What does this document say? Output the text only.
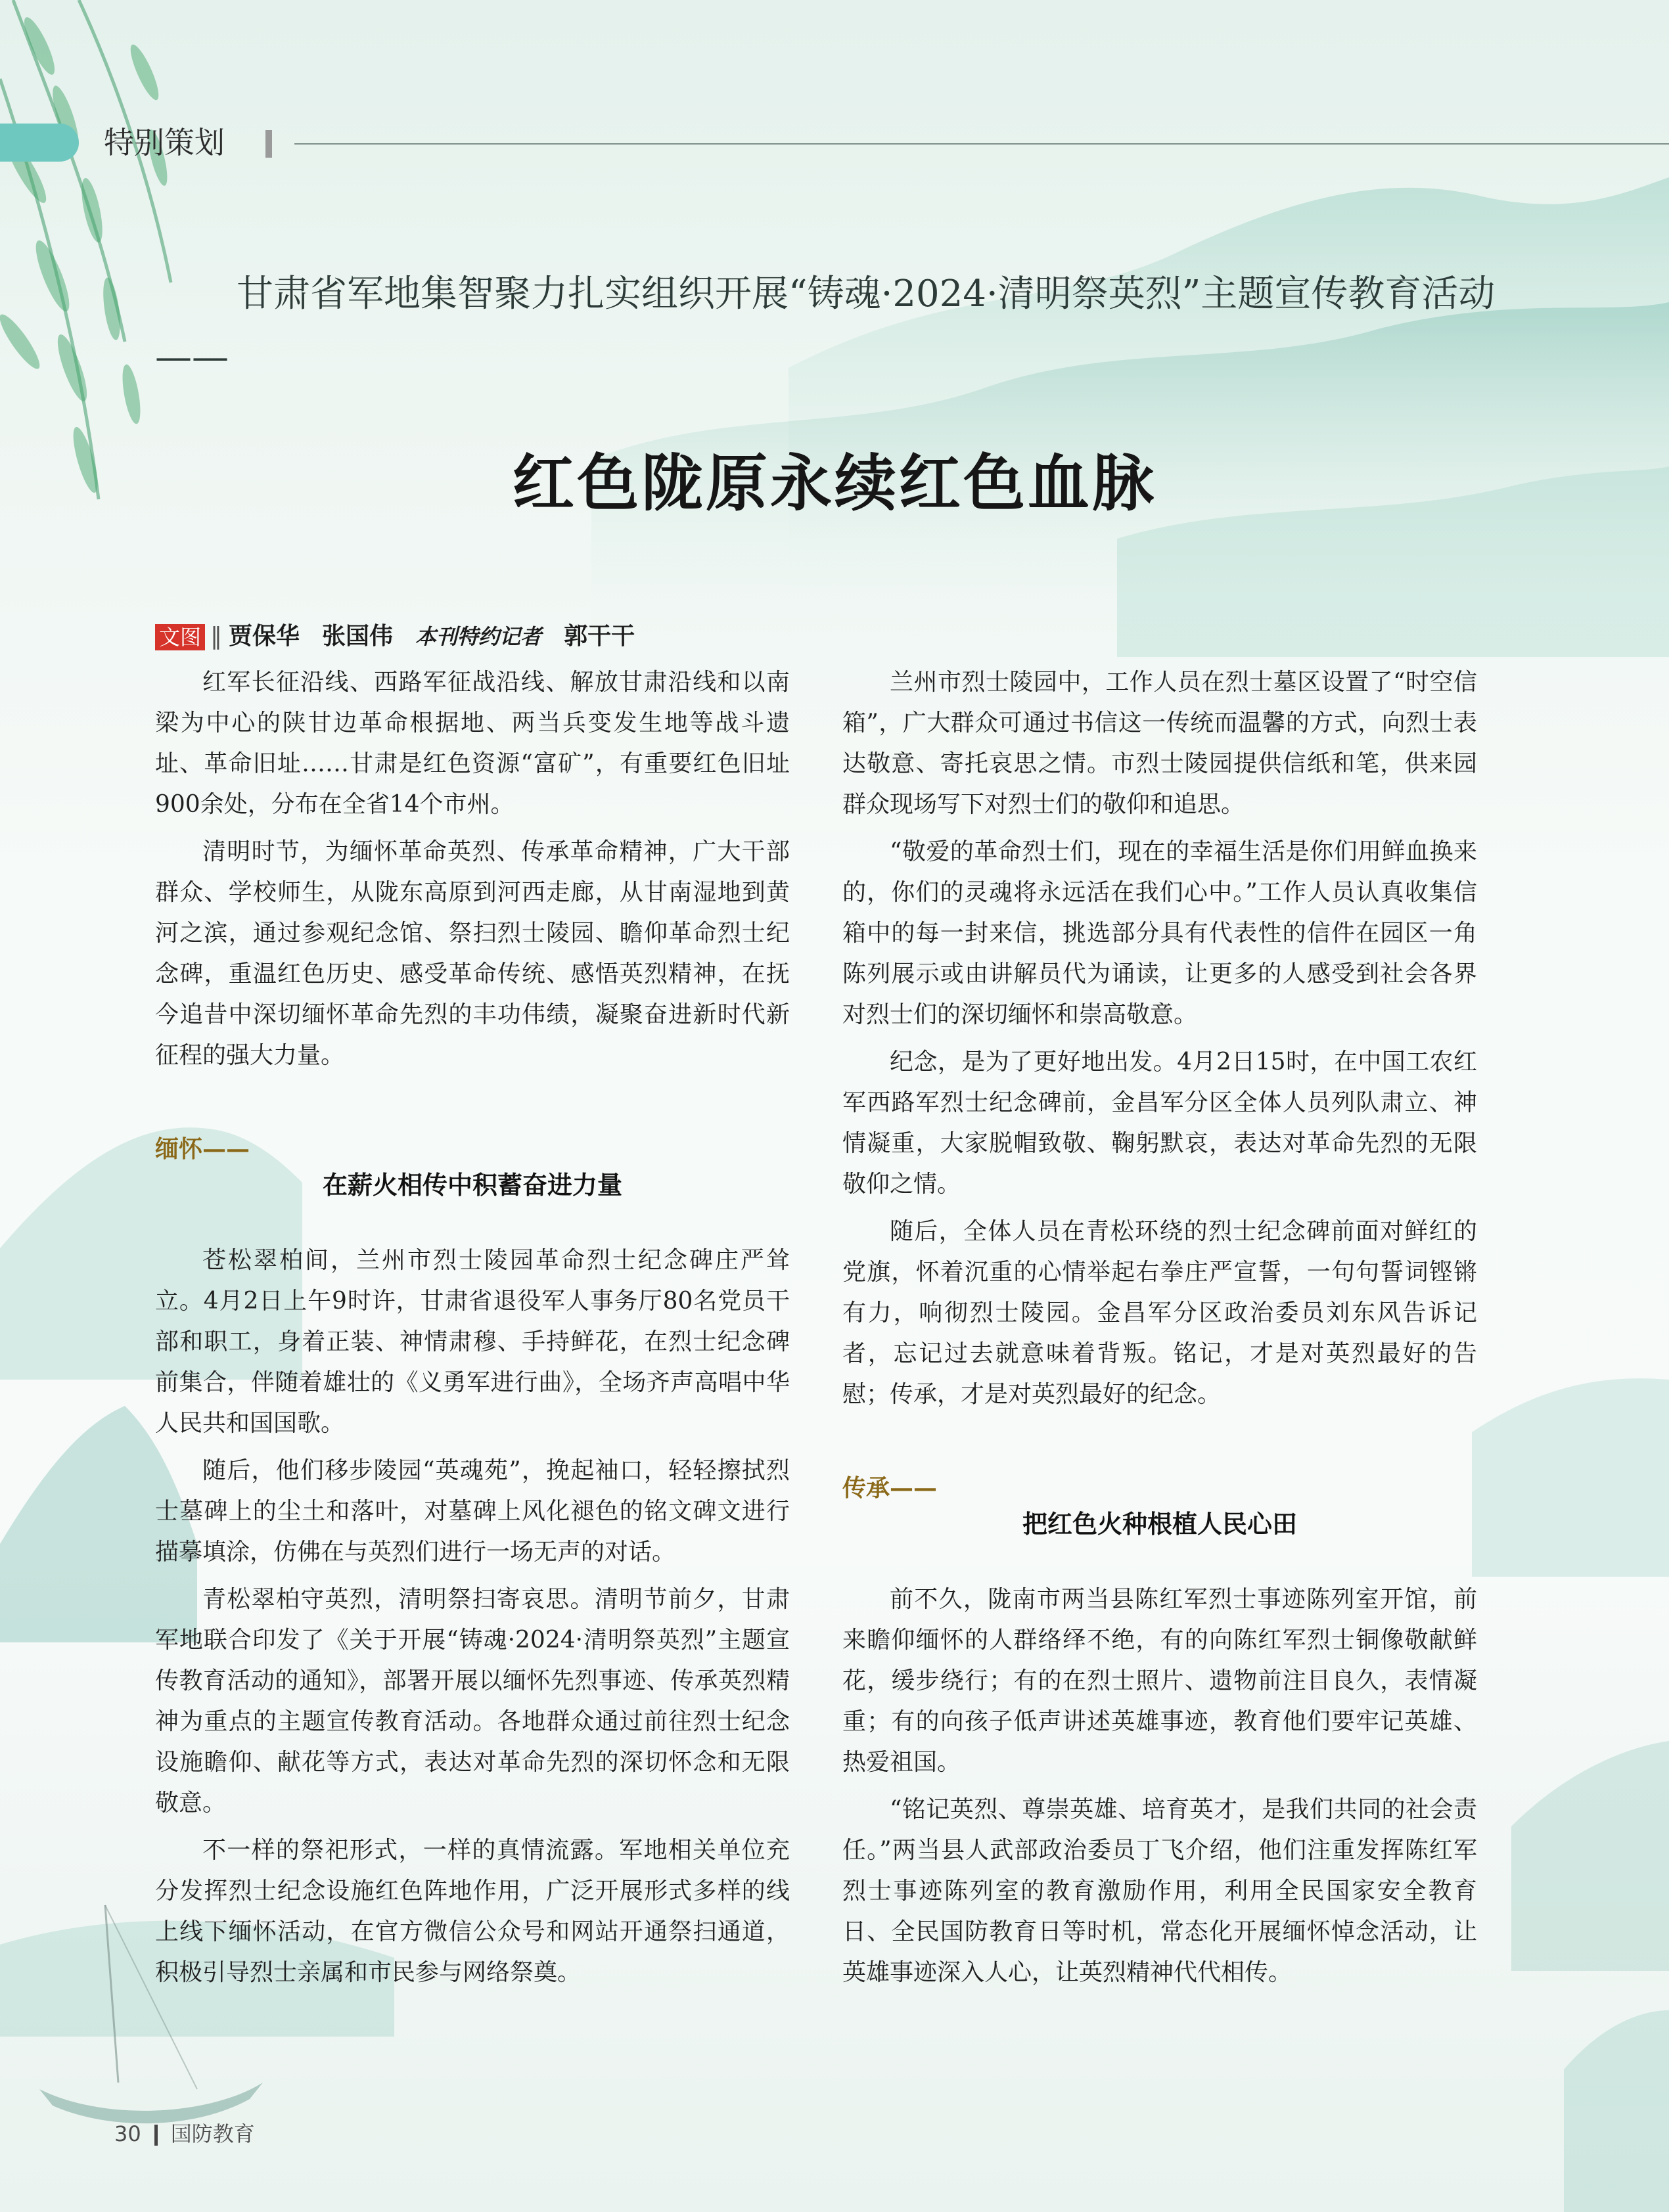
特别策划
甘肃省军地集智聚力扎实组织开展“铸魂·2024·清明祭英烈”主题宣传教育活动——
红色陇原永续红色血脉
文图 ‖ 贾保华 张国伟 本刊特约记者 郭干干

红军长征沿线、西路军征战沿线、解放甘肃沿线和以南梁为中心的陕甘边革命根据地、两当兵变发生地等战斗遗址、革命旧址……甘肃是红色资源“富矿”，有重要红色旧址900余处，分布在全省14个市州。

清明时节，为缅怀革命英烈、传承革命精神，广大干部群众、学校师生，从陇东高原到河西走廊，从甘南湿地到黄河之滨，通过参观纪念馆、祭扫烈士陵园、瞻仰革命烈士纪念碑，重温红色历史、感受革命传统、感悟英烈精神，在抚今追昔中深切缅怀革命先烈的丰功伟绩，凝聚奋进新时代新征程的强大力量。

缅怀——
在薪火相传中积蓄奋进力量

苍松翠柏间，兰州市烈士陵园革命烈士纪念碑庄严耸立。4月2日上午9时许，甘肃省退役军人事务厅80名党员干部和职工，身着正装、神情肃穆、手持鲜花，在烈士纪念碑前集合，伴随着雄壮的《义勇军进行曲》，全场齐声高唱中华人民共和国国歌。

随后，他们移步陵园“英魂苑”，挽起袖口，轻轻擦拭烈士墓碑上的尘土和落叶，对墓碑上风化褪色的铭文碑文进行描摹填涂，仿佛在与英烈们进行一场无声的对话。

青松翠柏守英烈，清明祭扫寄哀思。清明节前夕，甘肃军地联合印发了《关于开展“铸魂·2024·清明祭英烈”主题宣传教育活动的通知》，部署开展以缅怀先烈事迹、传承英烈精神为重点的主题宣传教育活动。各地群众通过前往烈士纪念设施瞻仰、献花等方式，表达对革命先烈的深切怀念和无限敬意。

不一样的祭祀形式，一样的真情流露。军地相关单位充分发挥烈士纪念设施红色阵地作用，广泛开展形式多样的线上线下缅怀活动，在官方微信公众号和网站开通祭扫通道，积极引导烈士亲属和市民参与网络祭奠。

兰州市烈士陵园中，工作人员在烈士墓区设置了“时空信箱”，广大群众可通过书信这一传统而温馨的方式，向烈士表达敬意、寄托哀思之情。市烈士陵园提供信纸和笔，供来园群众现场写下对烈士们的敬仰和追思。

“敬爱的革命烈士们，现在的幸福生活是你们用鲜血换来的，你们的灵魂将永远活在我们心中。”工作人员认真收集信箱中的每一封来信，挑选部分具有代表性的信件在园区一角陈列展示或由讲解员代为诵读，让更多的人感受到社会各界对烈士们的深切缅怀和崇高敬意。

纪念，是为了更好地出发。4月2日15时，在中国工农红军西路军烈士纪念碑前，金昌军分区全体人员列队肃立、神情凝重，大家脱帽致敬、鞠躬默哀，表达对革命先烈的无限敬仰之情。

随后，全体人员在青松环绕的烈士纪念碑前面对鲜红的党旗，怀着沉重的心情举起右拳庄严宣誓，一句句誓词铿锵有力，响彻烈士陵园。金昌军分区政治委员刘东风告诉记者，忘记过去就意味着背叛。铭记，才是对英烈最好的告慰；传承，才是对英烈最好的纪念。

传承——
把红色火种根植人民心田

前不久，陇南市两当县陈红军烈士事迹陈列室开馆，前来瞻仰缅怀的人群络绎不绝，有的向陈红军烈士铜像敬献鲜花，缓步绕行；有的在烈士照片、遗物前注目良久，表情凝重；有的向孩子低声讲述英雄事迹，教育他们要牢记英雄、热爱祖国。

“铭记英烈、尊崇英雄、培育英才，是我们共同的社会责任。”两当县人武部政治委员丁飞介绍，他们注重发挥陈红军烈士事迹陈列室的教育激励作用，利用全民国家安全教育日、全民国防教育日等时机，常态化开展缅怀悼念活动，让英雄事迹深入人心，让英烈精神代代相传。

30 国防教育
